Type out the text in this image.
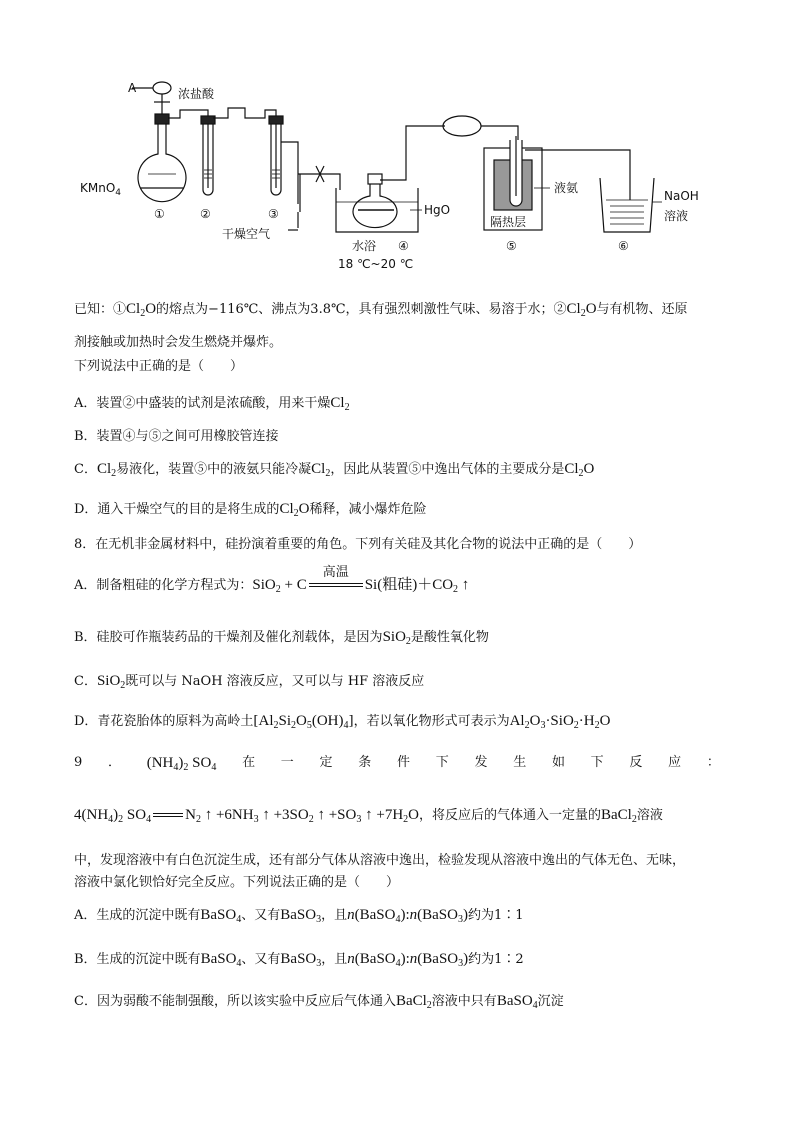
A	浓盐酸
KMnO$_4$
①	②	③
干燥空气
水浴 ④
18 ℃~20 ℃
HgO
隔热层
液氨
⑤
NaOH
溶液
⑥
已知：$①Cl_2O$的熔点为−116℃、沸点为3.8℃，具有强烈刺激性气味、易溶于水；$②Cl_2O$与有机物、还原
剂接触或加热时会发生燃烧并爆炸。
下列说法中正确的是（　　）
A．装置②中盛装的试剂是浓硫酸，用来干燥$Cl_2$
B．装置④与⑤之间可用橡胶管连接
C．$Cl_2$易液化，装置⑤中的液氨只能冷凝$Cl_2$，因此从装置⑤中逸出气体的主要成分是$Cl_2O$
D．通入干燥空气的目的是将生成的$Cl_2O$稀释，减小爆炸危险
8．在无机非金属材料中，硅扮演着重要的角色。下列有关硅及其化合物的说法中正确的是（　　）
A．制备粗硅的化学方程式为：SiO$_2$ + C
高温
Si(粗硅)$+CO_2$ ↑
B．硅胶可作瓶装药品的干燥剂及催化剂载体，是因为SiO$_2$是酸性氧化物
C．SiO$_2$既可以与 NaOH 溶液反应，又可以与 HF 溶液反应
D．青花瓷胎体的原料为高岭土$[Al_2Si_2O_5(OH)_4]$，若以氧化物形式可表示为$Al_2O_3\cdot SiO_2\cdot H_2O$
9 ． $(NH_4)_2$ $SO_4$ 在 一 定 条 件 下 发 生 如 下 反 应 ：
$4(NH_4)_2$ $SO_4$ $N_2$ ↑ $+6NH_3$ ↑ $+3SO_2$ ↑ $+SO_3$ ↑ $+7H_2O$，将反应后的气体通入一定量的BaCl$_2$溶液
中，发现溶液中有白色沉淀生成，还有部分气体从溶液中逸出，检验发现从溶液中逸出的气体无色、无味，
溶液中氯化钡恰好完全反应。下列说法正确的是（　　）
A．生成的沉淀中既有BaSO$_4$、又有BaSO$_3$，且n(BaSO$_4$):n(BaSO$_3$)约为1∶1
B．生成的沉淀中既有BaSO$_4$、又有BaSO$_3$，且n(BaSO$_4$):n(BaSO$_3$)约为1∶2
C．因为弱酸不能制强酸，所以该实验中反应后气体通入BaCl$_2$溶液中只有BaSO$_4$沉淀
